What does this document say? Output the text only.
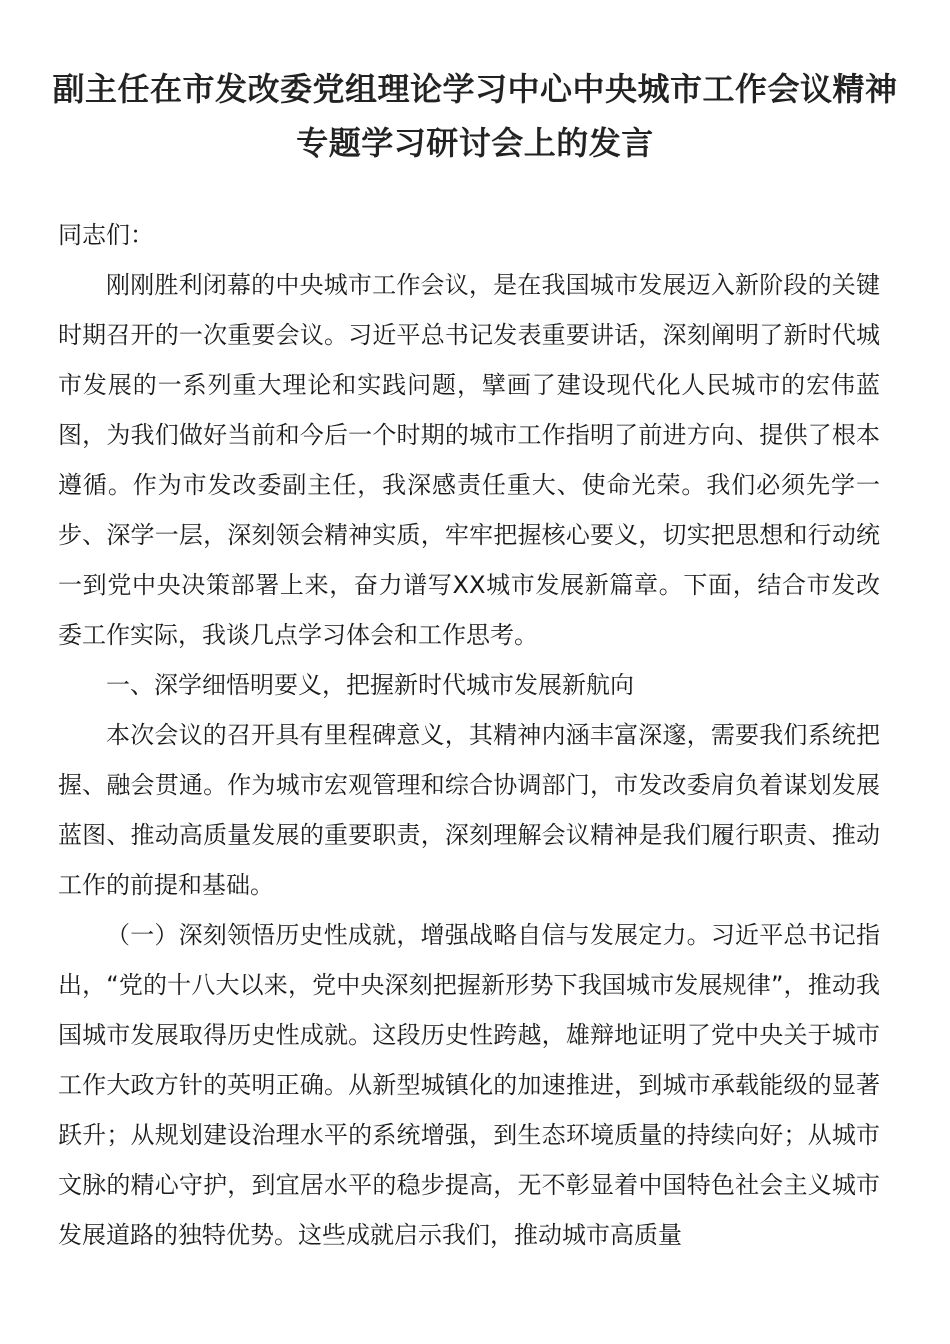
副主任在市发改委党组理论学习中心中央城市工作会议精神专题学习研讨会上的发言

同志们：

刚刚胜利闭幕的中央城市工作会议，是在我国城市发展迈入新阶段的关键时期召开的一次重要会议。习近平总书记发表重要讲话，深刻阐明了新时代城市发展的一系列重大理论和实践问题，擘画了建设现代化人民城市的宏伟蓝图，为我们做好当前和今后一个时期的城市工作指明了前进方向、提供了根本遵循。作为市发改委副主任，我深感责任重大、使命光荣。我们必须先学一步、深学一层，深刻领会精神实质，牢牢把握核心要义，切实把思想和行动统一到党中央决策部署上来，奋力谱写XX城市发展新篇章。下面，结合市发改委工作实际，我谈几点学习体会和工作思考。

一、深学细悟明要义，把握新时代城市发展新航向

本次会议的召开具有里程碑意义，其精神内涵丰富深邃，需要我们系统把握、融会贯通。作为城市宏观管理和综合协调部门，市发改委肩负着谋划发展蓝图、推动高质量发展的重要职责，深刻理解会议精神是我们履行职责、推动工作的前提和基础。

（一）深刻领悟历史性成就，增强战略自信与发展定力。习近平总书记指出，“党的十八大以来，党中央深刻把握新形势下我国城市发展规律”，推动我国城市发展取得历史性成就。这段历史性跨越，雄辩地证明了党中央关于城市工作大政方针的英明正确。从新型城镇化的加速推进，到城市承载能级的显著跃升；从规划建设治理水平的系统增强，到生态环境质量的持续向好；从城市文脉的精心守护，到宜居水平的稳步提高，无不彰显着中国特色社会主义城市发展道路的独特优势。这些成就启示我们，推动城市高质量
